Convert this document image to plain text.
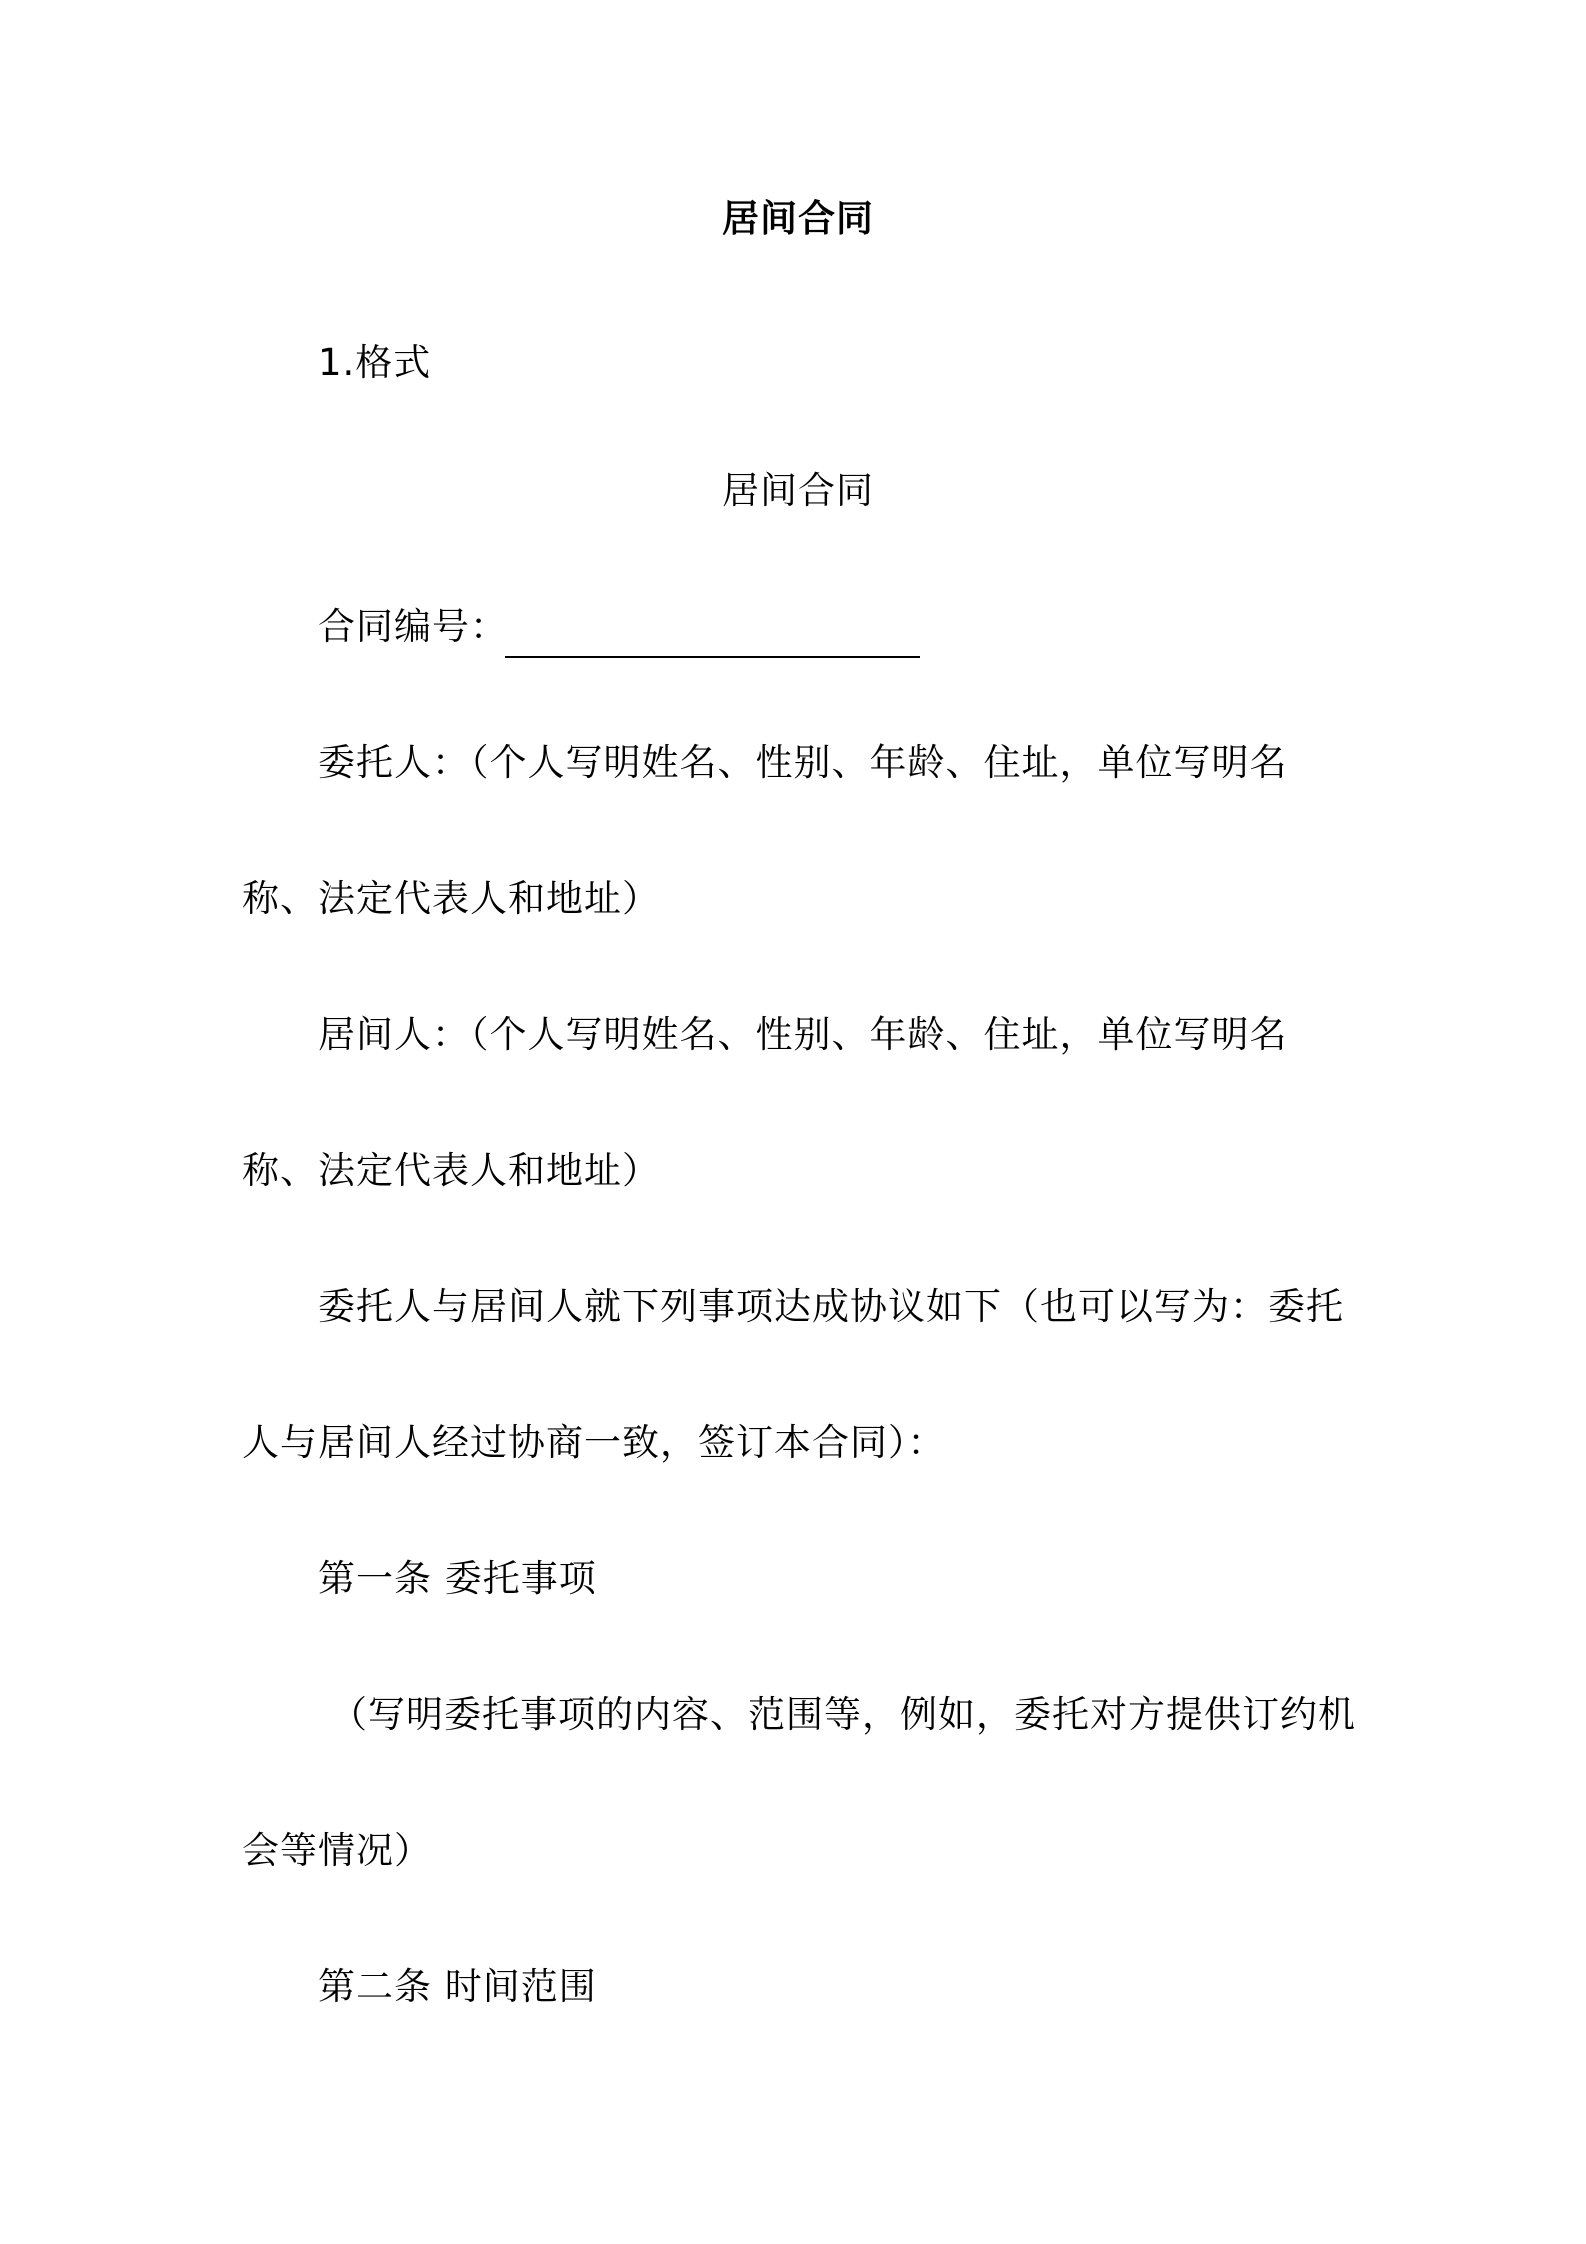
居间合同
1.格式
居间合同
合同编号：
委托人：（个人写明姓名、性别、年龄、住址，单位写明名
称、法定代表人和地址）
居间人：（个人写明姓名、性别、年龄、住址，单位写明名
称、法定代表人和地址）
委托人与居间人就下列事项达成协议如下（也可以写为：委托
人与居间人经过协商一致，签订本合同）：
第一条 委托事项
（写明委托事项的内容、范围等，例如，委托对方提供订约机
会等情况）
第二条 时间范围
